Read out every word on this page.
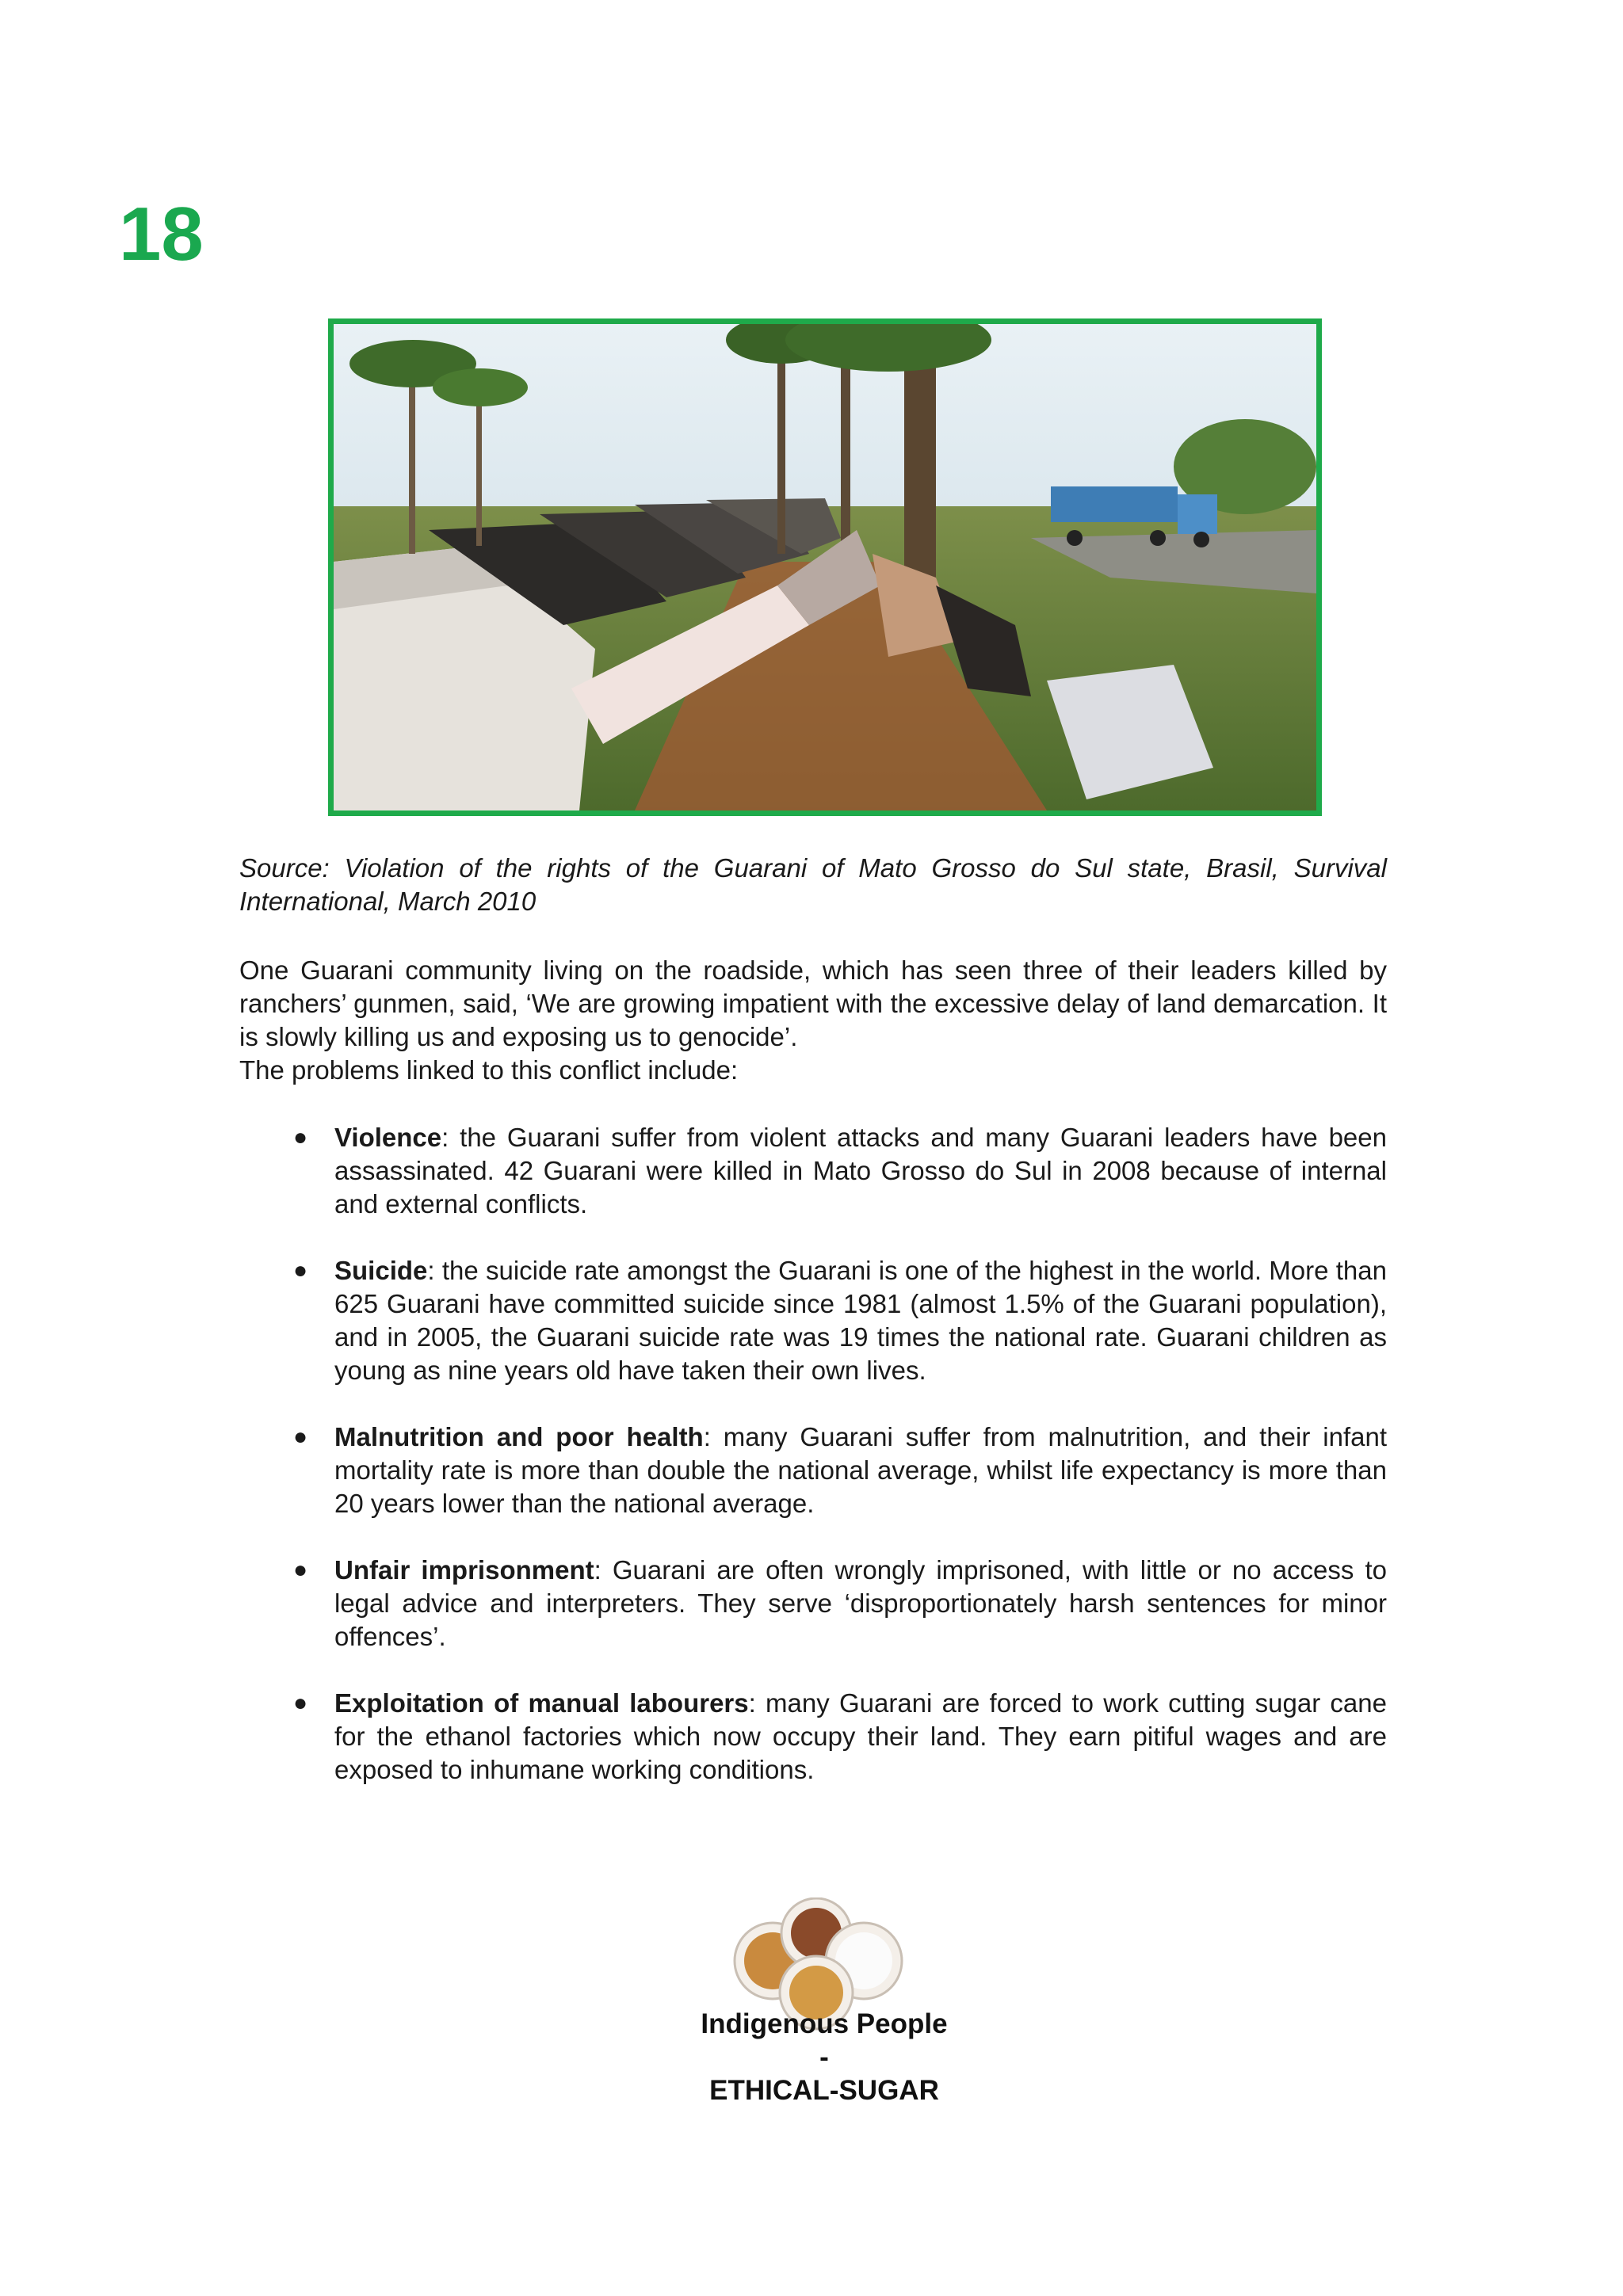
18
Source: Violation of the rights of the Guarani of Mato Grosso do Sul state, Brasil, Survival International, March 2010

One Guarani community living on the roadside, which has seen three of their leaders killed by ranchers’ gunmen, said, ‘We are growing impatient with the excessive delay of land demarcation. It is slowly killing us and exposing us to genocide’.

The problems linked to this conflict include:

● Violence: the Guarani suffer from violent attacks and many Guarani leaders have been assassinated. 42 Guarani were killed in Mato Grosso do Sul in 2008 because of internal and external conflicts.
● Suicide: the suicide rate amongst the Guarani is one of the highest in the world. More than 625 Guarani have committed suicide since 1981 (almost 1.5% of the Guarani population), and in 2005, the Guarani suicide rate was 19 times the national rate. Guarani children as young as nine years old have taken their own lives.
● Malnutrition and poor health: many Guarani suffer from malnutrition, and their infant mortality rate is more than double the national average, whilst life expectancy is more than 20 years lower than the national average.
● Unfair imprisonment: Guarani are often wrongly imprisoned, with little or no access to legal advice and interpreters. They serve ‘disproportionately harsh sentences for minor offences’.
● Exploitation of manual labourers: many Guarani are forced to work cutting sugar cane for the ethanol factories which now occupy their land. They earn pitiful wages and are exposed to inhumane working conditions.
Indigenous People
-
ETHICAL-SUGAR
